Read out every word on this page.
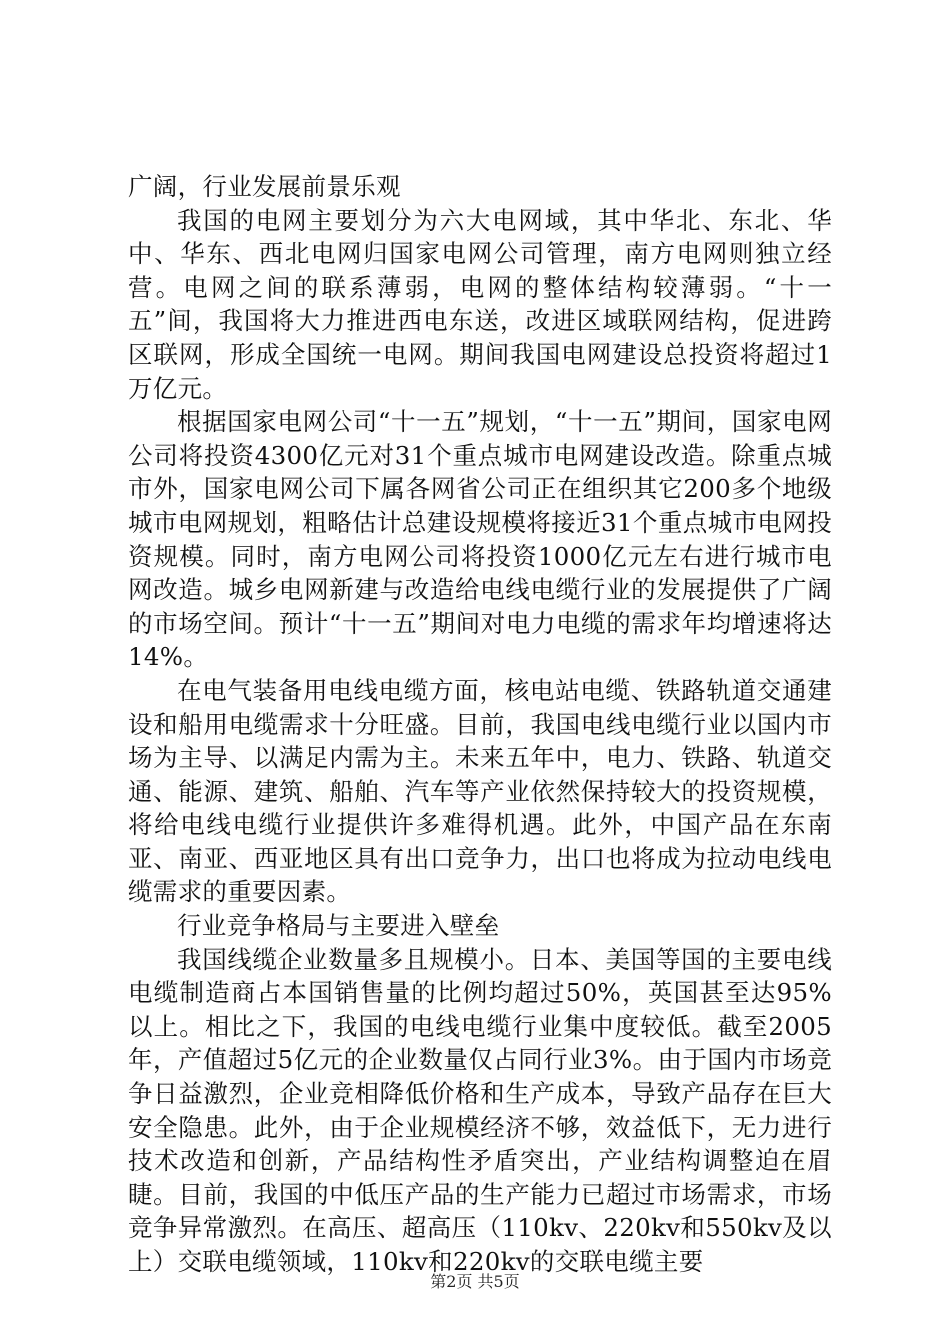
广阔，行业发展前景乐观

我国的电网主要划分为六大电网域，其中华北、东北、华中、华东、西北电网归国家电网公司管理，南方电网则独立经营。电网之间的联系薄弱，电网的整体结构较薄弱。“十一五”间，我国将大力推进西电东送，改进区域联网结构，促进跨区联网，形成全国统一电网。期间我国电网建设总投资将超过1万亿元。

根据国家电网公司“十一五”规划，“十一五”期间，国家电网公司将投资4300亿元对31个重点城市电网建设改造。除重点城市外，国家电网公司下属各网省公司正在组织其它200多个地级城市电网规划，粗略估计总建设规模将接近31个重点城市电网投资规模。同时，南方电网公司将投资1000亿元左右进行城市电网改造。城乡电网新建与改造给电线电缆行业的发展提供了广阔的市场空间。预计“十一五”期间对电力电缆的需求年均增速将达14%。

在电气装备用电线电缆方面，核电站电缆、铁路轨道交通建设和船用电缆需求十分旺盛。目前，我国电线电缆行业以国内市场为主导、以满足内需为主。未来五年中，电力、铁路、轨道交通、能源、建筑、船舶、汽车等产业依然保持较大的投资规模，将给电线电缆行业提供许多难得机遇。此外，中国产品在东南亚、南亚、西亚地区具有出口竞争力，出口也将成为拉动电线电缆需求的重要因素。

行业竞争格局与主要进入壁垒

我国线缆企业数量多且规模小。日本、美国等国的主要电线电缆制造商占本国销售量的比例均超过50%，英国甚至达95%以上。相比之下，我国的电线电缆行业集中度较低。截至2005年，产值超过5亿元的企业数量仅占同行业3%。由于国内市场竞争日益激烈，企业竞相降低价格和生产成本，导致产品存在巨大安全隐患。此外，由于企业规模经济不够，效益低下，无力进行技术改造和创新，产品结构性矛盾突出，产业结构调整迫在眉睫。目前，我国的中低压产品的生产能力已超过市场需求，市场竞争异常激烈。在高压、超高压（110kv、220kv和550kv及以上）交联电缆领域，110kv和220kv的交联电缆主要

第2页 共5页
